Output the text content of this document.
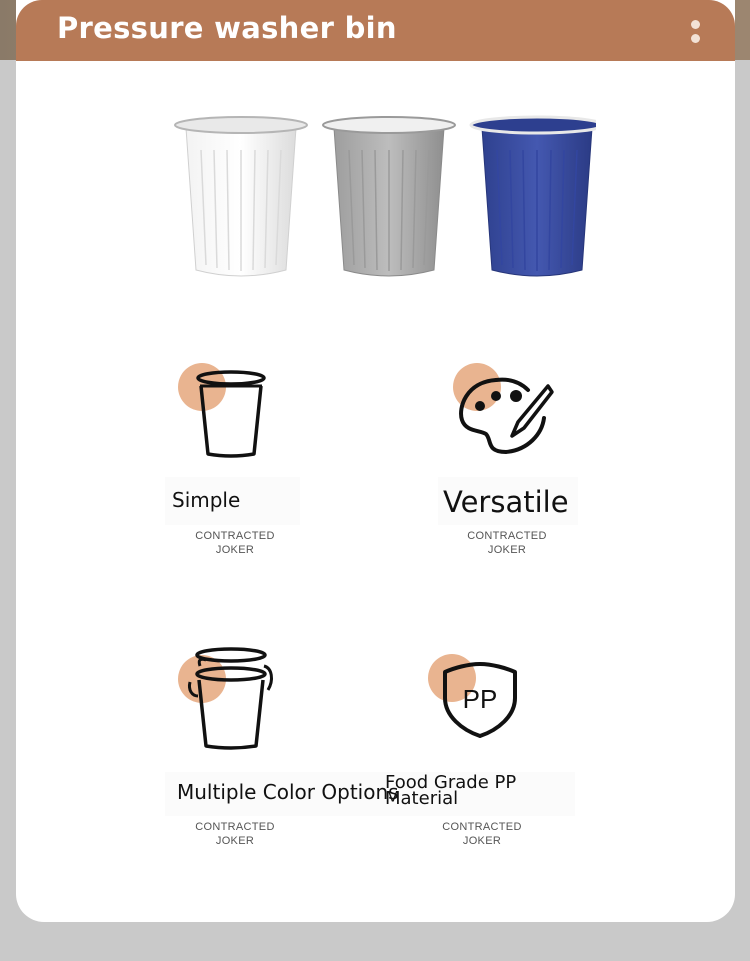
Pressure washer bin
Simple
CONTRACTED
JOKER
Versatile
CONTRACTED
JOKER
Multiple Color Options
CONTRACTED
JOKER
PP
Food Grade PP
Material
CONTRACTED
JOKER
